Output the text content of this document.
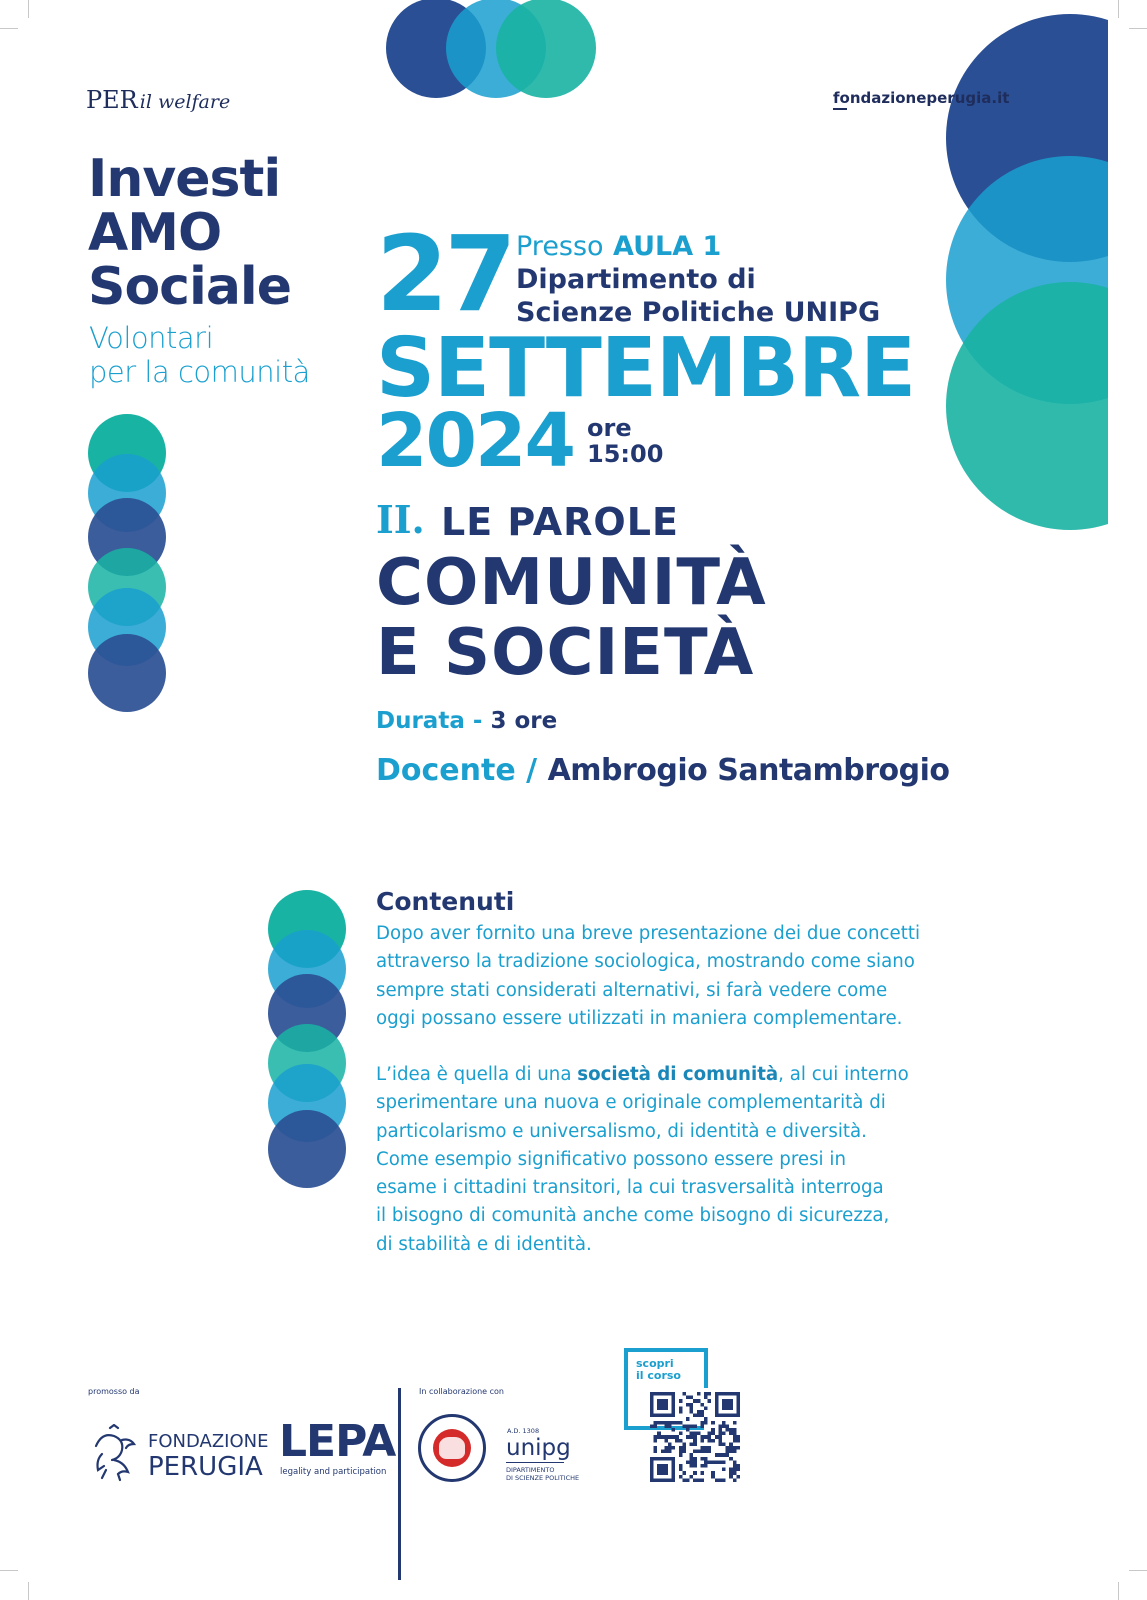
PER il welfare	fondazioneperugia.it
Investi
AMO
Sociale
Volontari
per la comunità
27 Presso AULA 1
Dipartimento di
Scienze Politiche UNIPG
SETTEMBRE
2024 ore
15:00
II. LE PAROLE
COMUNITÀ
E SOCIETÀ
Durata - 3 ore
Docente / Ambrogio Santambrogio
Contenuti
Dopo aver fornito una breve presentazione dei due concetti
attraverso la tradizione sociologica, mostrando come siano
sempre stati considerati alternativi, si farà vedere come
oggi possano essere utilizzati in maniera complementare.
L’idea è quella di una società di comunità, al cui interno
sperimentare una nuova e originale complementarità di
particolarismo e universalismo, di identità e diversità.
Come esempio significativo possono essere presi in
esame i cittadini transitori, la cui trasversalità interroga
il bisogno di comunità anche come bisogno di sicurezza,
di stabilità e di identità.
promosso da
FONDAZIONE
PERUGIA LEPA
legality and participation
In collaborazione con
A.D. 1308
unipg
DIPARTIMENTO
DI SCIENZE POLITICHE
scopri
il corso
